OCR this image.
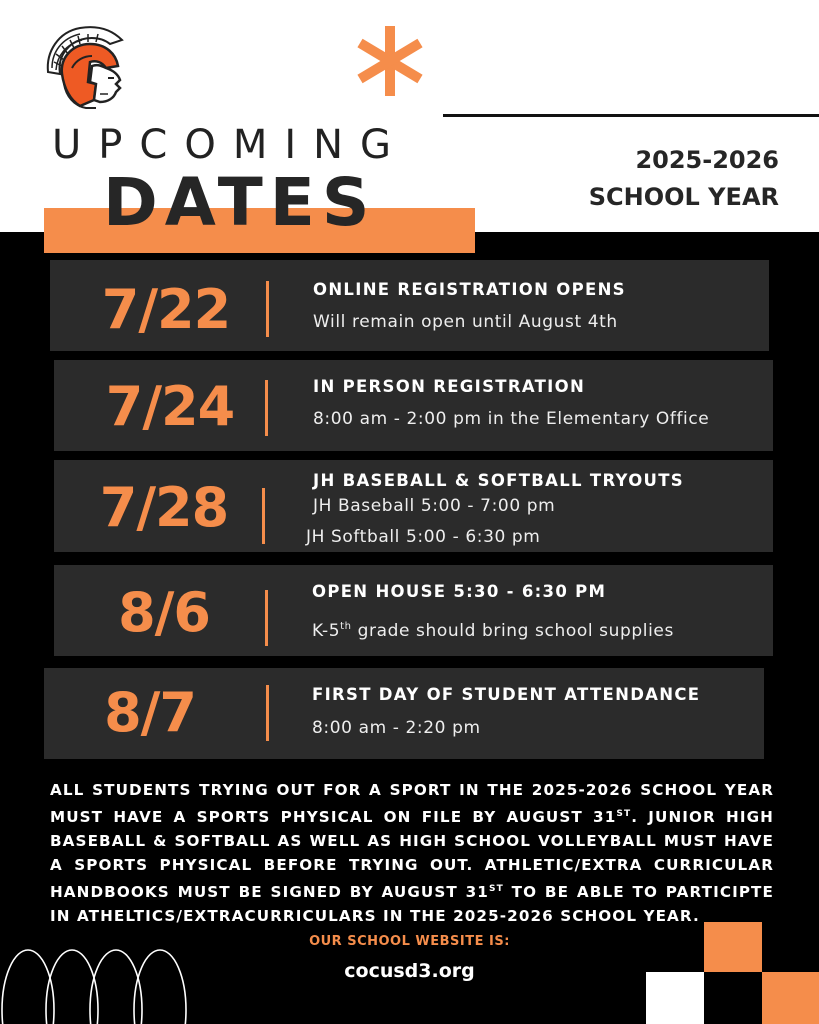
UPCOMING
DATES
2025-2026
SCHOOL YEAR
7/22	ONLINE REGISTRATION OPENS
Will remain open until August 4th
7/24	IN PERSON REGISTRATION
8:00 am - 2:00 pm in the Elementary Office
7/28	JH BASEBALL & SOFTBALL TRYOUTS
JH Baseball 5:00 - 7:00 pm
JH Softball 5:00 - 6:30 pm
8/6	OPEN HOUSE 5:30 - 6:30 PM
K-5th grade should bring school supplies
8/7	FIRST DAY OF STUDENT ATTENDANCE
8:00 am - 2:20 pm
ALL STUDENTS TRYING OUT FOR A SPORT IN THE 2025-2026 SCHOOL YEAR MUST HAVE A SPORTS PHYSICAL ON FILE BY AUGUST 31ST. JUNIOR HIGH BASEBALL & SOFTBALL AS WELL AS HIGH SCHOOL VOLLEYBALL MUST HAVE A SPORTS PHYSICAL BEFORE TRYING OUT. ATHLETIC/EXTRA CURRICULAR HANDBOOKS MUST BE SIGNED BY AUGUST 31ST TO BE ABLE TO PARTICIPTE IN ATHELTICS/EXTRACURRICULARS IN THE 2025-2026 SCHOOL YEAR.
OUR SCHOOL WEBSITE IS:
cocusd3.org
